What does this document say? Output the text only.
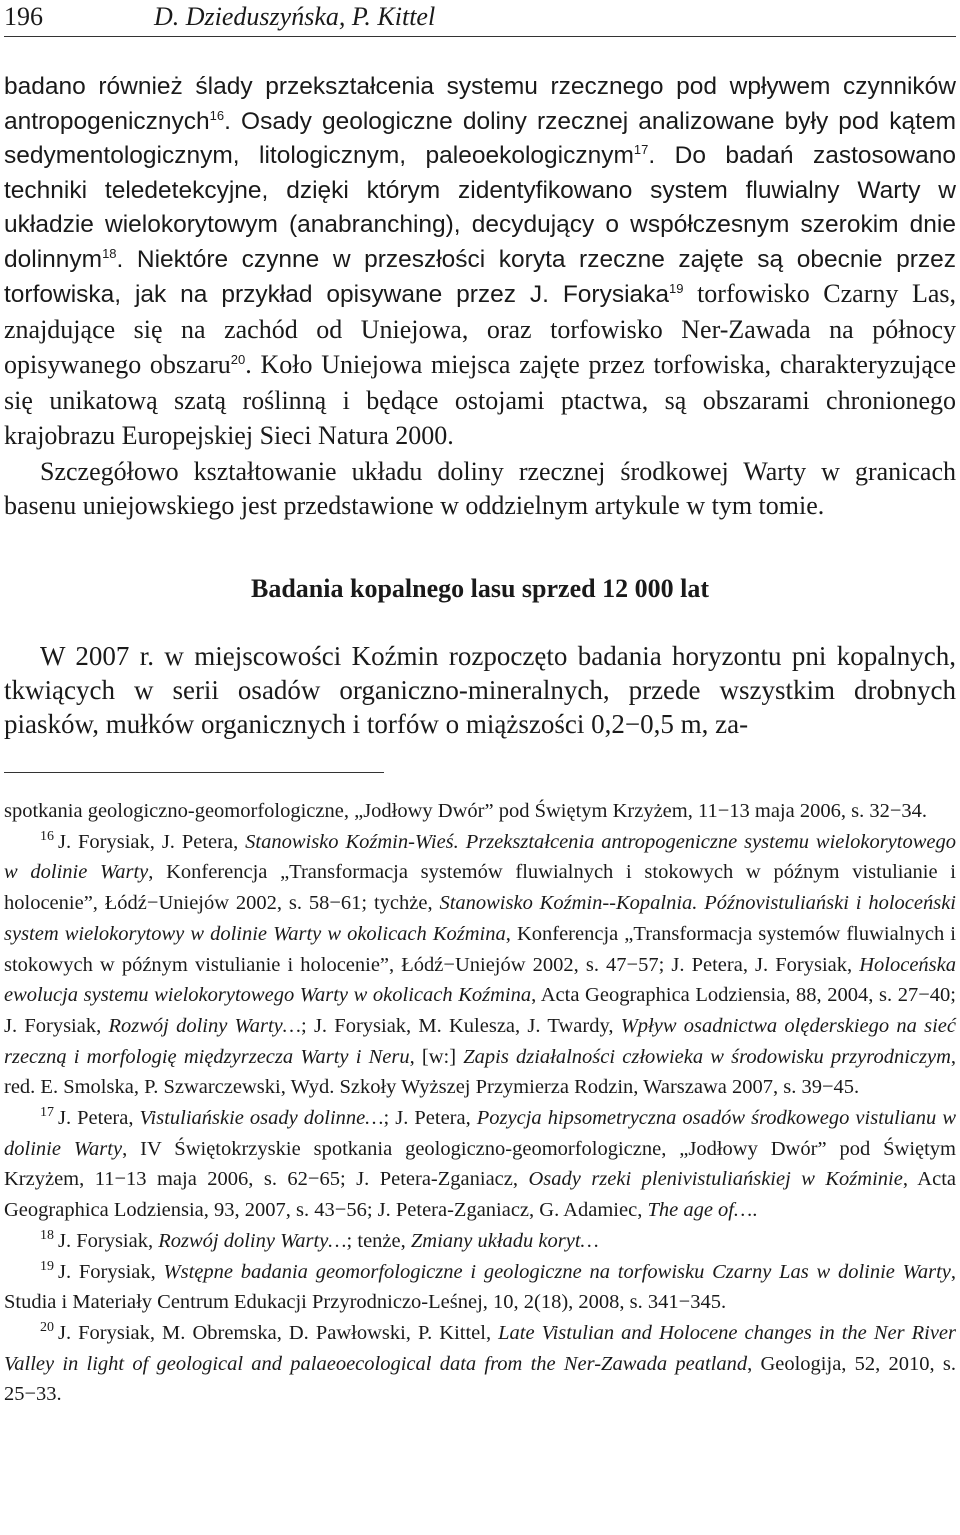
196	D. Dzieduszyńska, P. Kittel

badano również ślady przekształcenia systemu rzecznego pod wpływem czynników antropogenicznych$^{16}$. Osady geologiczne doliny rzecznej analizowane były pod kątem sedymentologicznym, litologicznym, paleoekologicznym$^{17}$. Do badań zastosowano techniki teledetekcyjne, dzięki którym zidentyfikowano system fluwialny Warty w układzie wielokorytowym (anabranching), decydujący o współczesnym szerokim dnie dolinnym$^{18}$. Niektóre czynne w przeszłości koryta rzeczne zajęte są obecnie przez torfowiska, jak na przykład opisywane przez J. Forysiaka$^{19}$ torfowisko Czarny Las, znajdujące się na zachód od Uniejowa, oraz torfowisko Ner-Zawada na północy opisywanego obszaru$^{20}$. Koło Uniejowa miejsca zajęte przez torfowiska, charakteryzujące się unikatową szatą roślinną i będące ostojami ptactwa, są obszarami chronionego krajobrazu Europejskiej Sieci Natura 2000.
Szczegółowo kształtowanie układu doliny rzecznej środkowej Warty w granicach basenu uniejowskiego jest przedstawione w oddzielnym artykule w tym tomie.

Badania kopalnego lasu sprzed 12 000 lat

W 2007 r. w miejscowości Koźmin rozpoczęto badania horyzontu pni kopalnych, tkwiących w serii osadów organiczno-mineralnych, przede wszystkim drobnych piasków, mułków organicznych i torfów o miąższości 0,2−0,5 m, za-

spotkania geologiczno-geomorfologiczne, „Jodłowy Dwór” pod Świętym Krzyżem, 11−13 maja 2006, s. 32−34.

$^{16}$ J. Forysiak, J. Petera, Stanowisko Koźmin-Wieś. Przekształcenia antropogeniczne systemu wielokorytowego w dolinie Warty, Konferencja „Transformacja systemów fluwialnych i stokowych w późnym vistulianie i holocenie”, Łódź−Uniejów 2002, s. 58−61; tychże, Stanowisko Koźmin--Kopalnia. Późnovistuliański i holoceński system wielokorytowy w dolinie Warty w okolicach Koźmina, Konferencja „Transformacja systemów fluwialnych i stokowych w późnym vistulianie i holocenie”, Łódź−Uniejów 2002, s. 47−57; J. Petera, J. Forysiak, Holoceńska ewolucja systemu wielokorytowego Warty w okolicach Koźmina, Acta Geographica Lodziensia, 88, 2004, s. 27−40; J. Forysiak, Rozwój doliny Warty…; J. Forysiak, M. Kulesza, J. Twardy, Wpływ osadnictwa olęderskiego na sieć rzeczną i morfologię międzyrzecza Warty i Neru, [w:] Zapis działalności człowieka w środowisku przyrodniczym, red. E. Smolska, P. Szwarczewski, Wyd. Szkoły Wyższej Przymierza Rodzin, Warszawa 2007, s. 39−45.

$^{17}$ J. Petera, Vistuliańskie osady dolinne…; J. Petera, Pozycja hipsometryczna osadów środkowego vistulianu w dolinie Warty, IV Świętokrzyskie spotkania geologiczno-geomorfologiczne, „Jodłowy Dwór” pod Świętym Krzyżem, 11−13 maja 2006, s. 62−65; J. Petera-Zganiacz, Osady rzeki plenivistuliańskiej w Koźminie, Acta Geographica Lodziensia, 93, 2007, s. 43−56; J. Petera-Zganiacz, G. Adamiec, The age of….

$^{18}$ J. Forysiak, Rozwój doliny Warty…; tenże, Zmiany układu koryt…

$^{19}$ J. Forysiak, Wstępne badania geomorfologiczne i geologiczne na torfowisku Czarny Las w dolinie Warty, Studia i Materiały Centrum Edukacji Przyrodniczo-Leśnej, 10, 2(18), 2008, s. 341−345.

$^{20}$ J. Forysiak, M. Obremska, D. Pawłowski, P. Kittel, Late Vistulian and Holocene changes in the Ner River Valley in light of geological and palaeoecological data from the Ner-Zawada peatland, Geologija, 52, 2010, s. 25−33.
